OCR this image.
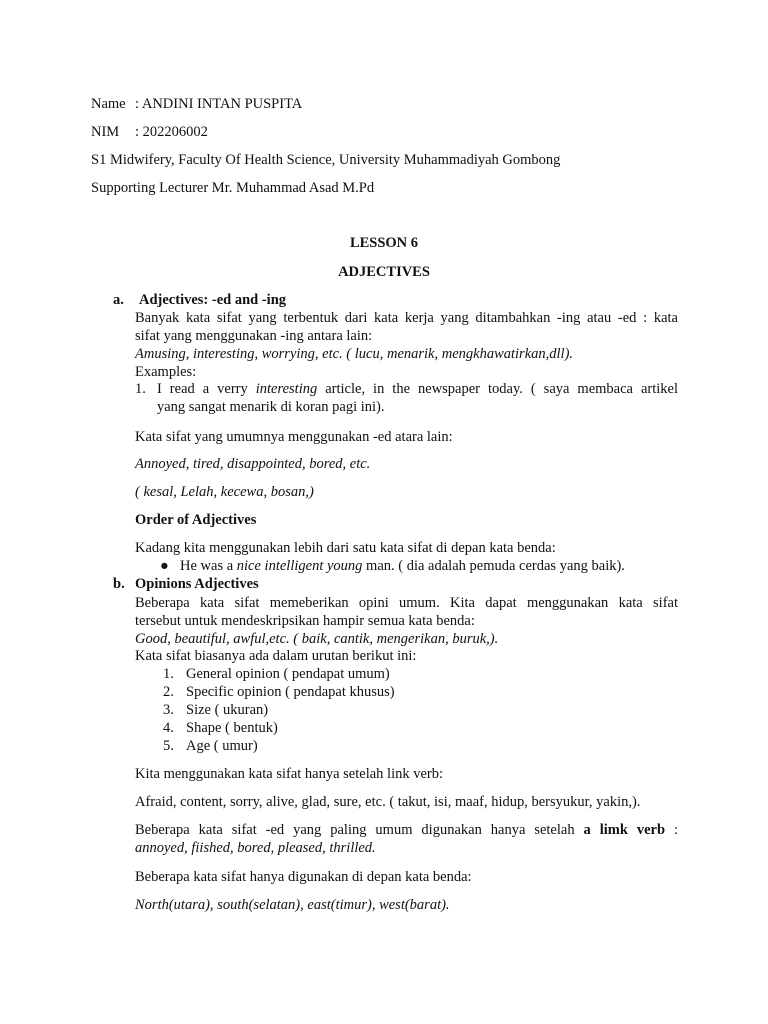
Name : ANDINI INTAN PUSPITA
NIM : 202206002
S1 Midwifery, Faculty Of Health Science, University Muhammadiyah Gombong
Supporting Lecturer Mr. Muhammad Asad M.Pd
LESSON 6
ADJECTIVES
a. Adjectives: -ed and -ing
Banyak kata sifat yang terbentuk dari kata kerja yang ditambahkan -ing atau -ed : kata
sifat yang menggunakan -ing antara lain:
Amusing, interesting, worrying, etc. ( lucu, menarik, mengkhawatirkan,dll).
Examples:
1. I read a verry interesting article, in the newspaper today. ( saya membaca artikel
yang sangat menarik di koran pagi ini).
Kata sifat yang umumnya menggunakan -ed atara lain:
Annoyed, tired, disappointed, bored, etc.
( kesal, Lelah, kecewa, bosan,)
Order of Adjectives
Kadang kita menggunakan lebih dari satu kata sifat di depan kata benda:
● He was a nice intelligent young man. ( dia adalah pemuda cerdas yang baik).
b. Opinions Adjectives
Beberapa kata sifat memeberikan opini umum. Kita dapat menggunakan kata sifat
tersebut untuk mendeskripsikan hampir semua kata benda:
Good, beautiful, awful,etc. ( baik, cantik, mengerikan, buruk,).
Kata sifat biasanya ada dalam urutan berikut ini:
1. General opinion ( pendapat umum)
2. Specific opinion ( pendapat khusus)
3. Size ( ukuran)
4. Shape ( bentuk)
5. Age ( umur)
Kita menggunakan kata sifat hanya setelah link verb:
Afraid, content, sorry, alive, glad, sure, etc. ( takut, isi, maaf, hidup, bersyukur, yakin,).
Beberapa kata sifat -ed yang paling umum digunakan hanya setelah a limk verb :
annoyed, fiished, bored, pleased, thrilled.
Beberapa kata sifat hanya digunakan di depan kata benda:
North(utara), south(selatan), east(timur), west(barat).
